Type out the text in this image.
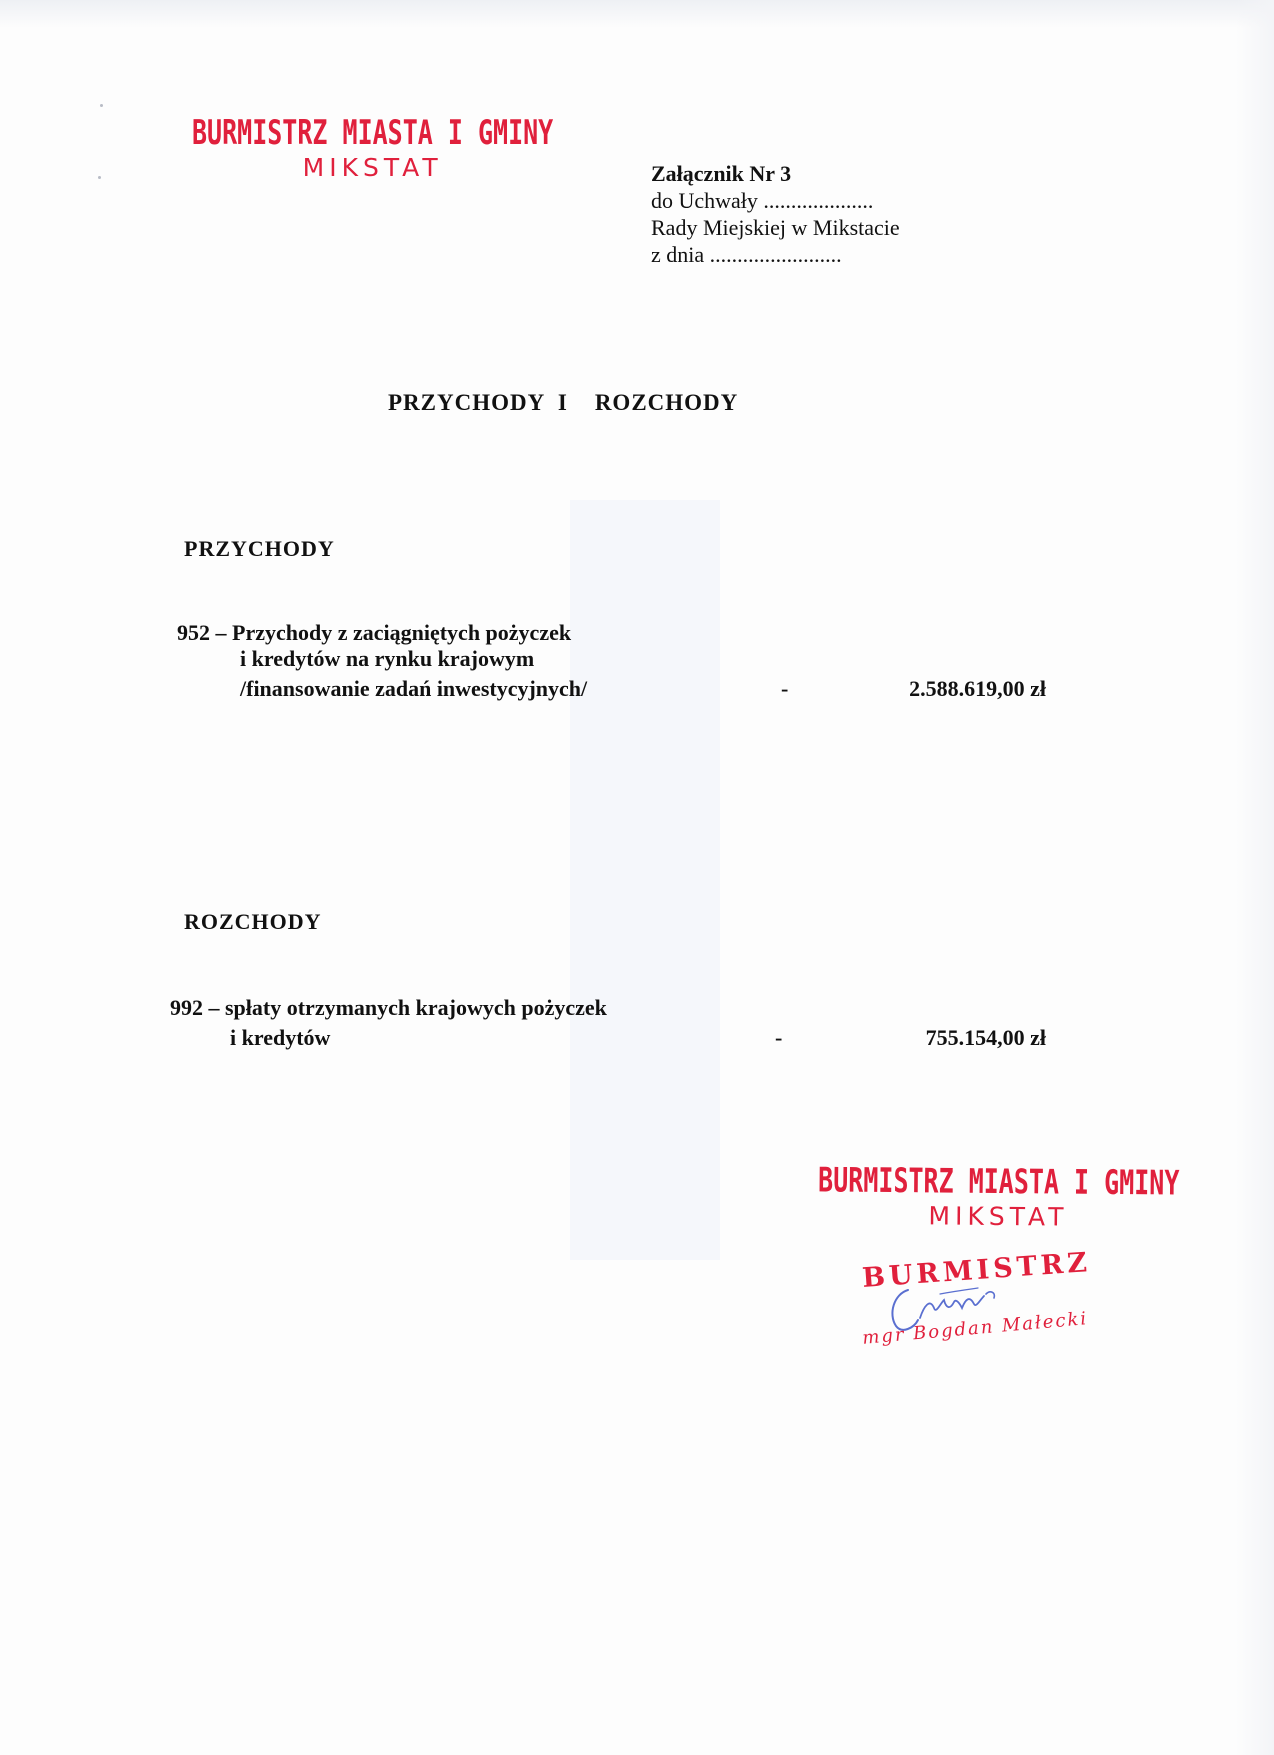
BURMISTRZ MIASTA I GMINY
MIKSTAT	Załącznik Nr 3
do Uchwały ....................
Rady Miejskiej w Mikstacie
z dnia ........................
PRZYCHODY  I    ROZCHODY
PRZYCHODY
952 – Przychody z zaciągniętych pożyczek
i kredytów na rynku krajowym
/finansowanie zadań inwestycyjnych/	-	2.588.619,00 zł
ROZCHODY
992 – spłaty otrzymanych krajowych pożyczek
i kredytów	-	755.154,00 zł
BURMISTRZ MIASTA I GMINY
MIKSTAT
BURMISTRZ
mgr Bogdan Małecki
